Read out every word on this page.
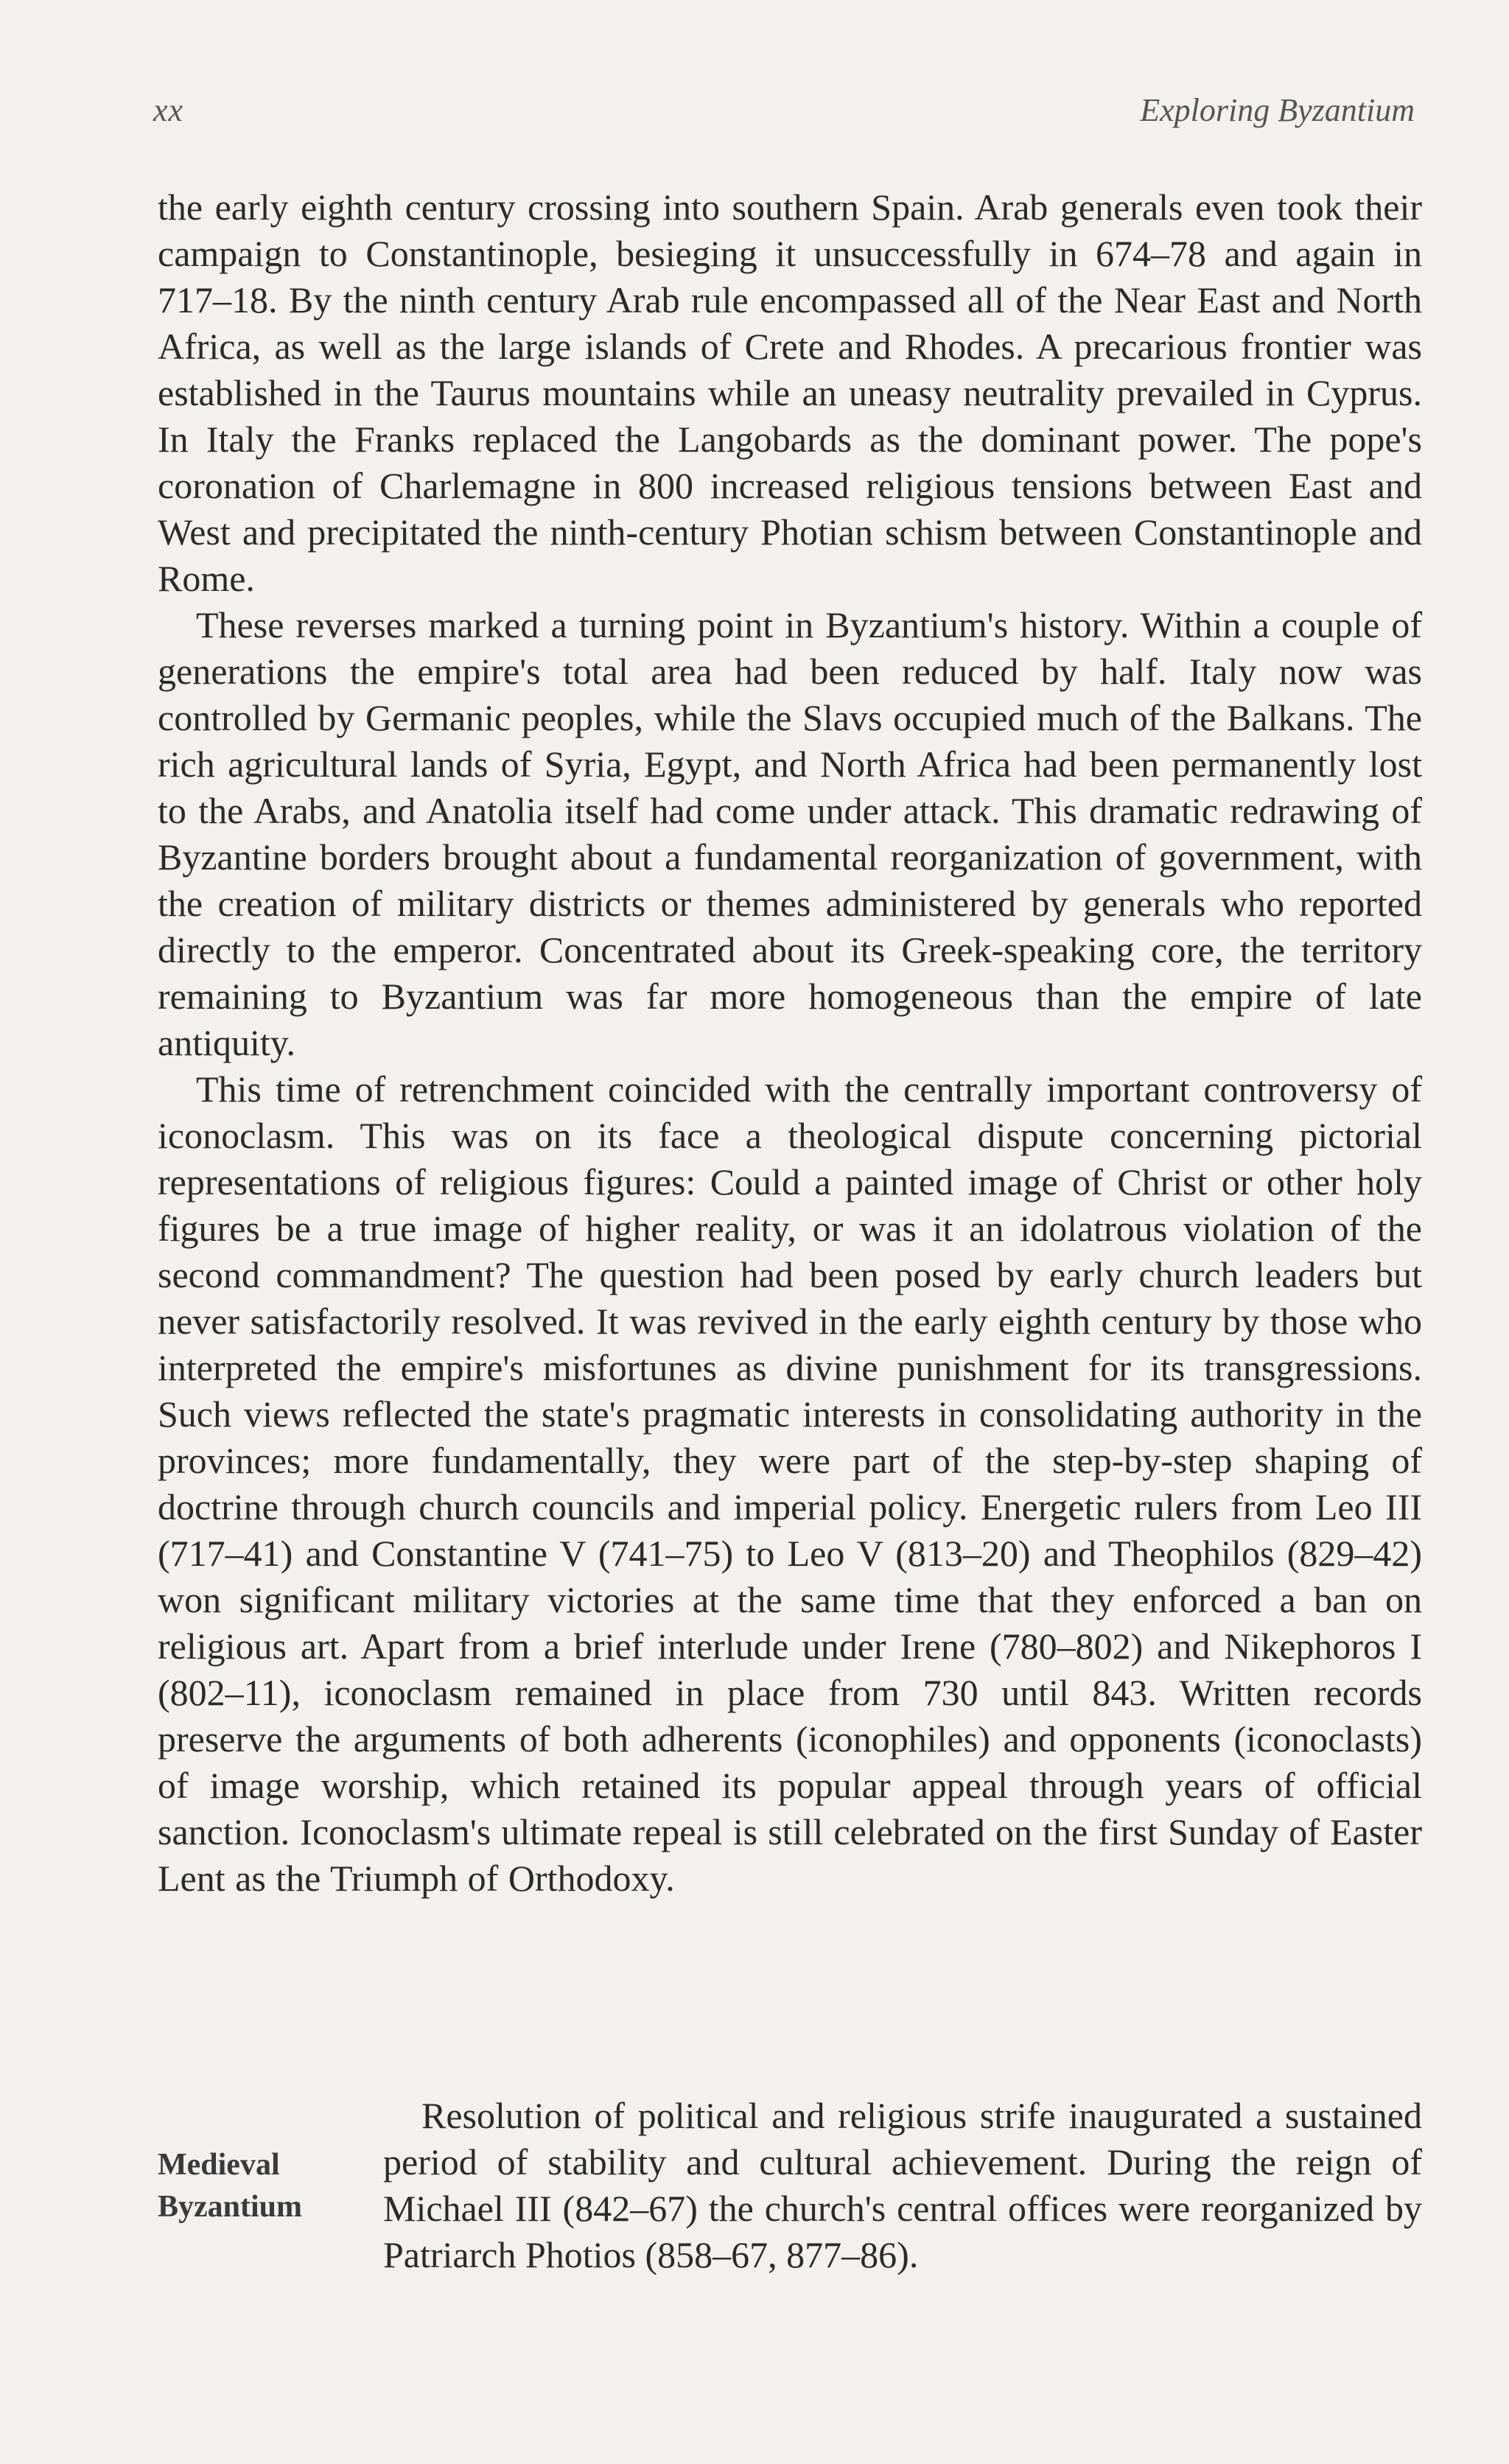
xx	Exploring Byzantium

the early eighth century crossing into southern Spain. Arab generals even took their campaign to Constantinople, besieging it unsuccessfully in 674–78 and again in 717–18. By the ninth century Arab rule encompassed all of the Near East and North Africa, as well as the large islands of Crete and Rhodes. A precarious frontier was established in the Taurus mountains while an uneasy neutrality prevailed in Cyprus. In Italy the Franks replaced the Langobards as the dominant power. The pope's coronation of Charlemagne in 800 increased religious tensions between East and West and precipitated the ninth-century Photian schism between Constantinople and Rome.

These reverses marked a turning point in Byzantium's history. Within a couple of generations the empire's total area had been reduced by half. Italy now was controlled by Germanic peoples, while the Slavs occupied much of the Balkans. The rich agricultural lands of Syria, Egypt, and North Africa had been permanently lost to the Arabs, and Anatolia itself had come under attack. This dramatic redrawing of Byzantine borders brought about a fundamental reorganization of government, with the creation of military districts or themes administered by generals who reported directly to the emperor. Concentrated about its Greek-speaking core, the territory remaining to Byzantium was far more homogeneous than the empire of late antiquity.

This time of retrenchment coincided with the centrally important controversy of iconoclasm. This was on its face a theological dispute concerning pictorial representations of religious figures: Could a painted image of Christ or other holy figures be a true image of higher reality, or was it an idolatrous violation of the second commandment? The question had been posed by early church leaders but never satisfactorily resolved. It was revived in the early eighth century by those who interpreted the empire's misfortunes as divine punishment for its transgressions. Such views reflected the state's pragmatic interests in consolidating authority in the provinces; more fundamentally, they were part of the step-by-step shaping of doctrine through church councils and imperial policy. Energetic rulers from Leo III (717–41) and Constantine V (741–75) to Leo V (813–20) and Theophilos (829–42) won significant military victories at the same time that they enforced a ban on religious art. Apart from a brief interlude under Irene (780–802) and Nikephoros I (802–11), iconoclasm remained in place from 730 until 843. Written records preserve the arguments of both adherents (iconophiles) and opponents (iconoclasts) of image worship, which retained its popular appeal through years of official sanction. Iconoclasm's ultimate repeal is still celebrated on the first Sunday of Easter Lent as the Triumph of Orthodoxy.

Medieval
Byzantium

Resolution of political and religious strife inaugurated a sustained period of stability and cultural achievement. During the reign of Michael III (842–67) the church's central offices were reorganized by Patriarch Photios (858–67, 877–86).
